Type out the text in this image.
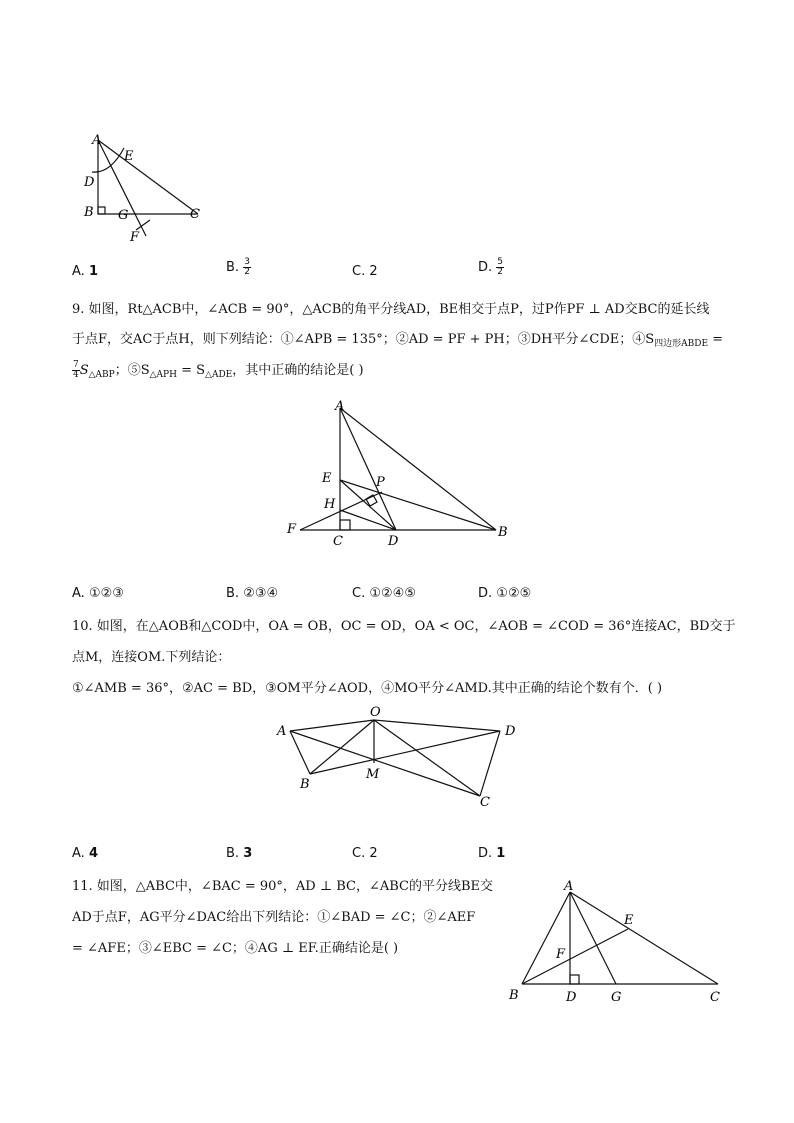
A
E
D
B G	C
F
A. 1	B. $\frac{3}{2}$	C. 2	D. $\frac{5}{2}$
9. 如图，Rt△ACB中，∠ACB = 90°，△ACB的角平分线AD，BE相交于点P，过P作PF ⊥ AD交BC的延长线
于点F，交AC于点H，则下列结论：①∠APB = 135°；②AD = PF + PH；③DH平分∠CDE；$④S_{四边形ABDE}$ =
$\frac{7}{4} S_{\triangle ABP}$；$⑤S_{\triangle APH} = S_{\triangle ADE}$，其中正确的结论是( )
A
E	P
H
F
C	D
B
A. ①②③	B. ②③④	C. ①②④⑤	D. ①②⑤
10. 如图，在△AOB和△COD中，OA = OB，OC = OD，OA < OC，∠AOB = ∠COD = 36°连接AC，BD交于
点M，连接OM.下列结论：
①∠AMB = 36°，②AC = BD，③OM平分∠AOD，④MO平分∠AMD.其中正确的结论个数有个．( )
O
A	D
B
M
C
A. 4	B. 3	C. 2	D. 1
11. 如图，△ABC中，∠BAC = 90°，AD ⊥ BC，∠ABC的平分线BE交
AD于点F，AG平分∠DAC给出下列结论：①∠BAD = ∠C；②∠AEF
= ∠AFE；③∠EBC = ∠C；④AG ⊥ EF.正确结论是( )
A
E
F
B	D	G	C
